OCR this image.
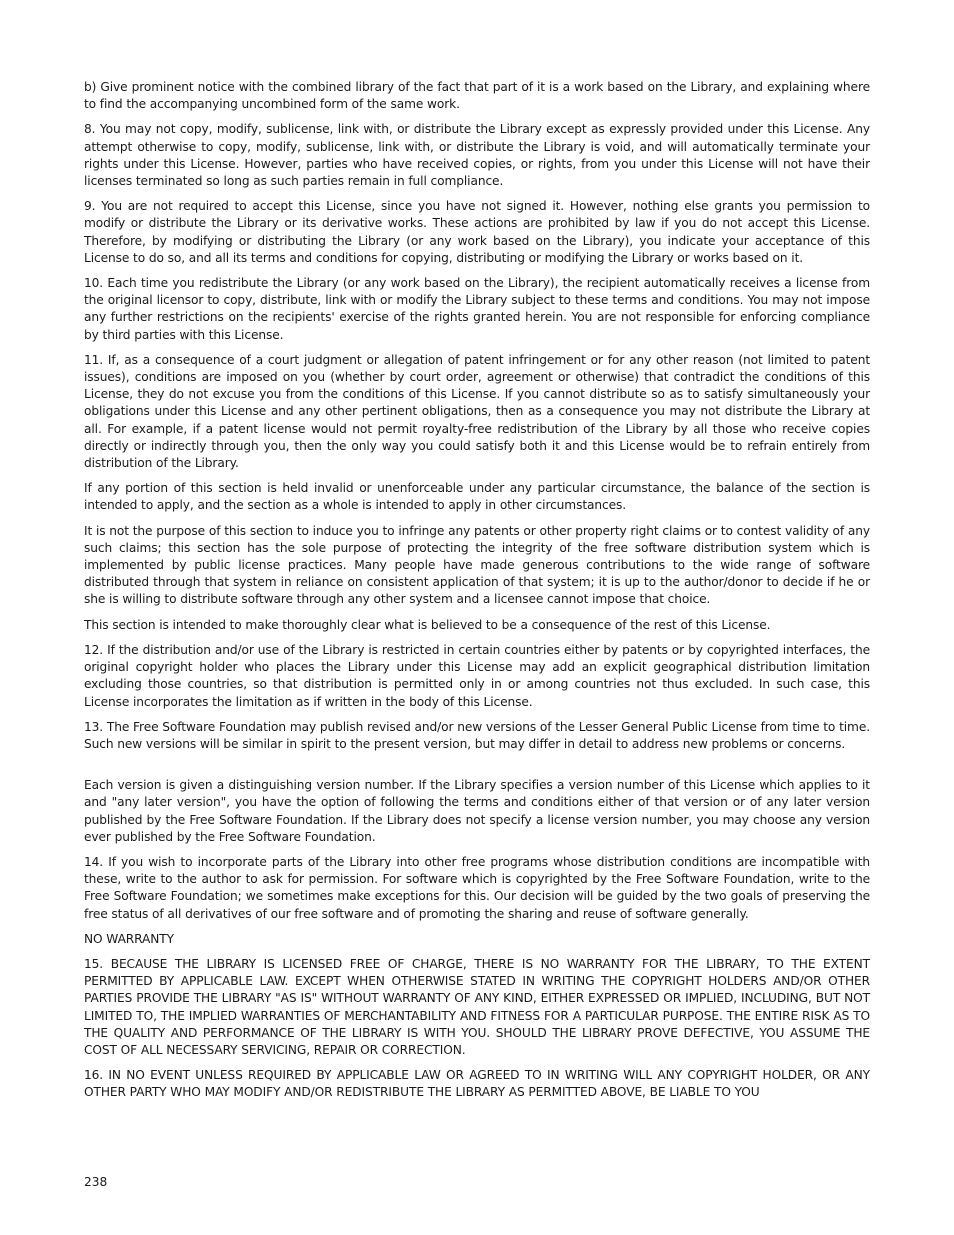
b) Give prominent notice with the combined library of the fact that part of it is a work based on the Library, and explaining where to find the accompanying uncombined form of the same work.

8. You may not copy, modify, sublicense, link with, or distribute the Library except as expressly provided under this License. Any attempt otherwise to copy, modify, sublicense, link with, or distribute the Library is void, and will automatically terminate your rights under this License. However, parties who have received copies, or rights, from you under this License will not have their licenses terminated so long as such parties remain in full compliance.

9. You are not required to accept this License, since you have not signed it. However, nothing else grants you permission to modify or distribute the Library or its derivative works. These actions are prohibited by law if you do not accept this License. Therefore, by modifying or distributing the Library (or any work based on the Library), you indicate your acceptance of this License to do so, and all its terms and conditions for copying, distributing or modifying the Library or works based on it.

10. Each time you redistribute the Library (or any work based on the Library), the recipient automatically receives a license from the original licensor to copy, distribute, link with or modify the Library subject to these terms and conditions. You may not impose any further restrictions on the recipients' exercise of the rights granted herein. You are not responsible for enforcing compliance by third parties with this License.

11. If, as a consequence of a court judgment or allegation of patent infringement or for any other reason (not limited to patent issues), conditions are imposed on you (whether by court order, agreement or otherwise) that contradict the conditions of this License, they do not excuse you from the conditions of this License. If you cannot distribute so as to satisfy simultaneously your obligations under this License and any other pertinent obligations, then as a consequence you may not distribute the Library at all. For example, if a patent license would not permit royalty-free redistribution of the Library by all those who receive copies directly or indirectly through you, then the only way you could satisfy both it and this License would be to refrain entirely from distribution of the Library.

If any portion of this section is held invalid or unenforceable under any particular circumstance, the balance of the section is intended to apply, and the section as a whole is intended to apply in other circumstances.

It is not the purpose of this section to induce you to infringe any patents or other property right claims or to contest validity of any such claims; this section has the sole purpose of protecting the integrity of the free software distribution system which is implemented by public license practices. Many people have made generous contributions to the wide range of software distributed through that system in reliance on consistent application of that system; it is up to the author/donor to decide if he or she is willing to distribute software through any other system and a licensee cannot impose that choice.

This section is intended to make thoroughly clear what is believed to be a consequence of the rest of this License.

12. If the distribution and/or use of the Library is restricted in certain countries either by patents or by copyrighted interfaces, the original copyright holder who places the Library under this License may add an explicit geographical distribution limitation excluding those countries, so that distribution is permitted only in or among countries not thus excluded. In such case, this License incorporates the limitation as if written in the body of this License.

13. The Free Software Foundation may publish revised and/or new versions of the Lesser General Public License from time to time. Such new versions will be similar in spirit to the present version, but may differ in detail to address new problems or concerns.

Each version is given a distinguishing version number. If the Library specifies a version number of this License which applies to it and "any later version", you have the option of following the terms and conditions either of that version or of any later version published by the Free Software Foundation. If the Library does not specify a license version number, you may choose any version ever published by the Free Software Foundation.

14. If you wish to incorporate parts of the Library into other free programs whose distribution conditions are incompatible with these, write to the author to ask for permission. For software which is copyrighted by the Free Software Foundation, write to the Free Software Foundation; we sometimes make exceptions for this. Our decision will be guided by the two goals of preserving the free status of all derivatives of our free software and of promoting the sharing and reuse of software generally.

NO WARRANTY

15. BECAUSE THE LIBRARY IS LICENSED FREE OF CHARGE, THERE IS NO WARRANTY FOR THE LIBRARY, TO THE EXTENT PERMITTED BY APPLICABLE LAW. EXCEPT WHEN OTHERWISE STATED IN WRITING THE COPYRIGHT HOLDERS AND/OR OTHER PARTIES PROVIDE THE LIBRARY "AS IS" WITHOUT WARRANTY OF ANY KIND, EITHER EXPRESSED OR IMPLIED, INCLUDING, BUT NOT LIMITED TO, THE IMPLIED WARRANTIES OF MERCHANTABILITY AND FITNESS FOR A PARTICULAR PURPOSE. THE ENTIRE RISK AS TO THE QUALITY AND PERFORMANCE OF THE LIBRARY IS WITH YOU. SHOULD THE LIBRARY PROVE DEFECTIVE, YOU ASSUME THE COST OF ALL NECESSARY SERVICING, REPAIR OR CORRECTION.

16. IN NO EVENT UNLESS REQUIRED BY APPLICABLE LAW OR AGREED TO IN WRITING WILL ANY COPYRIGHT HOLDER, OR ANY OTHER PARTY WHO MAY MODIFY AND/OR REDISTRIBUTE THE LIBRARY AS PERMITTED ABOVE, BE LIABLE TO YOU

238
